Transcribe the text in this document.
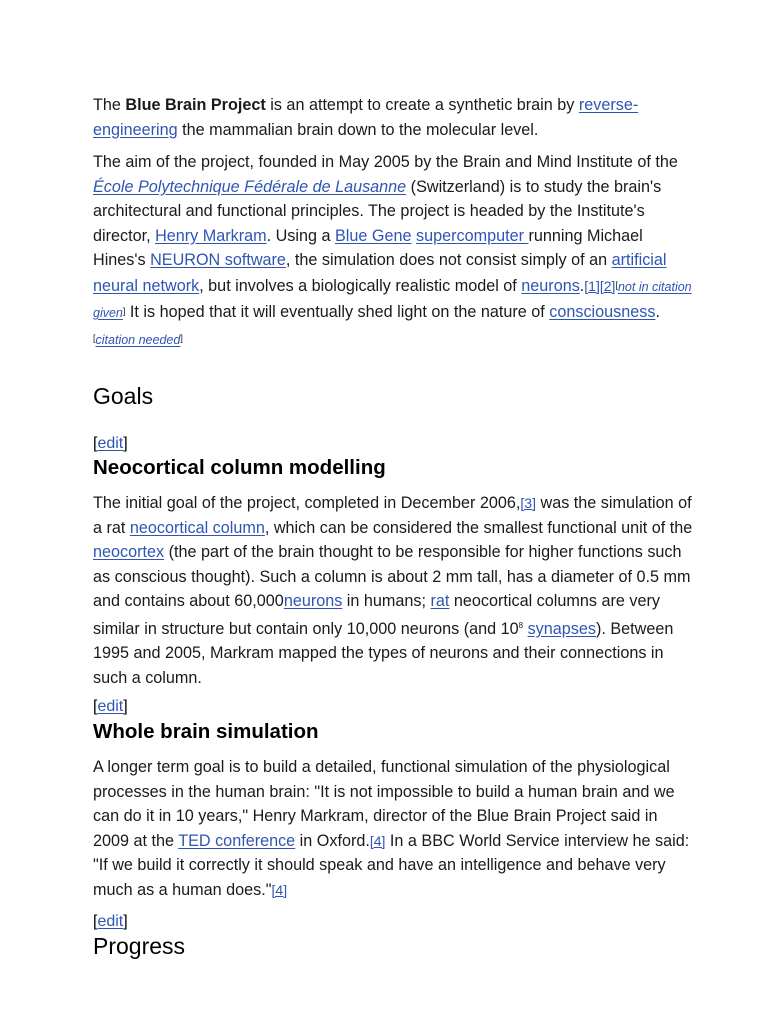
The Blue Brain Project is an attempt to create a synthetic brain by reverse-engineering the mammalian brain down to the molecular level.

The aim of the project, founded in May 2005 by the Brain and Mind Institute of the École Polytechnique Fédérale de Lausanne (Switzerland) is to study the brain's architectural and functional principles. The project is headed by the Institute's director, Henry Markram. Using a Blue Gene supercomputer running Michael Hines's NEURON software, the simulation does not consist simply of an artificial neural network, but involves a biologically realistic model of neurons.[1][2][not in citation given] It is hoped that it will eventually shed light on the nature of consciousness.[citation needed]

Goals
[edit]
Neocortical column modelling

The initial goal of the project, completed in December 2006,[3] was the simulation of a rat neocortical column, which can be considered the smallest functional unit of the neocortex (the part of the brain thought to be responsible for higher functions such as conscious thought). Such a column is about 2 mm tall, has a diameter of 0.5 mm and contains about 60,000neurons in humans; rat neocortical columns are very similar in structure but contain only 10,000 neurons (and $10^8$ synapses). Between 1995 and 2005, Markram mapped the types of neurons and their connections in such a column.

[edit]
Whole brain simulation

A longer term goal is to build a detailed, functional simulation of the physiological processes in the human brain: "It is not impossible to build a human brain and we can do it in 10 years," Henry Markram, director of the Blue Brain Project said in 2009 at the TED conference in Oxford.[4] In a BBC World Service interview he said: "If we build it correctly it should speak and have an intelligence and behave very much as a human does."[4]

[edit]
Progress
